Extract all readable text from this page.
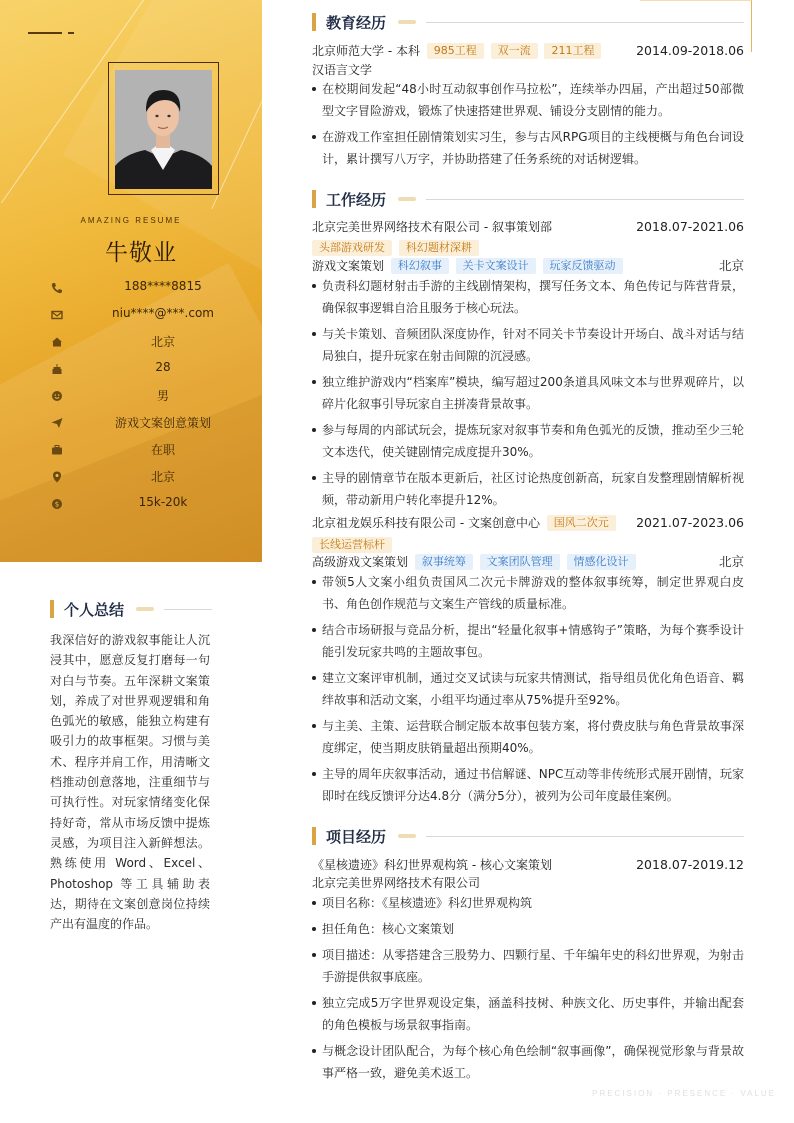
AMAZING RESUME
牛敬业
188****8815
niu****@***.com
北京
28
男
游戏文案创意策划
在职
北京
$	15k-20k
个人总结
我深信好的游戏叙事能让人沉浸其中，愿意反复打磨每一句对白与节奏。五年深耕文案策划，养成了对世界观逻辑和角色弧光的敏感，能独立构建有吸引力的故事框架。习惯与美术、程序并肩工作，用清晰文档推动创意落地，注重细节与可执行性。对玩家情绪变化保持好奇，常从市场反馈中提炼灵感，为项目注入新鲜想法。熟练使用 Word、Excel、Photoshop 等工具辅助表达，期待在文案创意岗位持续产出有温度的作品。
教育经历
北京师范大学 - 本科 985工程 双一流 211工程	2014.09-2018.06
汉语言文学
在校期间发起“48小时互动叙事创作马拉松”，连续举办四届，产出超过50部微型文字冒险游戏，锻炼了快速搭建世界观、铺设分支剧情的能力。
在游戏工作室担任剧情策划实习生，参与古风RPG项目的主线梗概与角色台词设计，累计撰写八万字，并协助搭建了任务系统的对话树逻辑。
工作经历
北京完美世界网络技术有限公司 - 叙事策划部	2018.07-2021.06
头部游戏研发 科幻题材深耕
游戏文案策划 科幻叙事 关卡文案设计 玩家反馈驱动	北京
负责科幻题材射击手游的主线剧情架构，撰写任务文本、角色传记与阵营背景，确保叙事逻辑自洽且服务于核心玩法。
与关卡策划、音频团队深度协作，针对不同关卡节奏设计开场白、战斗对话与结局独白，提升玩家在射击间隙的沉浸感。
独立维护游戏内“档案库”模块，编写超过200条道具风味文本与世界观碎片，以碎片化叙事引导玩家自主拼凑背景故事。
参与每周的内部试玩会，提炼玩家对叙事节奏和角色弧光的反馈，推动至少三轮文本迭代，使关键剧情完成度提升30%。
主导的剧情章节在版本更新后，社区讨论热度创新高，玩家自发整理剧情解析视频，带动新用户转化率提升12%。
北京祖龙娱乐科技有限公司 - 文案创意中心 国风二次元 2021.07-2023.06
长线运营标杆
高级游戏文案策划 叙事统筹 文案团队管理 情感化设计	北京
带领5人文案小组负责国风二次元卡牌游戏的整体叙事统筹，制定世界观白皮书、角色创作规范与文案生产管线的质量标准。
结合市场研报与竞品分析，提出“轻量化叙事+情感钩子”策略，为每个赛季设计能引发玩家共鸣的主题故事包。
建立文案评审机制，通过交叉试读与玩家共情测试，指导组员优化角色语音、羁绊故事和活动文案，小组平均通过率从75%提升至92%。
与主美、主策、运营联合制定版本故事包装方案，将付费皮肤与角色背景故事深度绑定，使当期皮肤销量超出预期40%。
主导的周年庆叙事活动，通过书信解谜、NPC互动等非传统形式展开剧情，玩家即时在线反馈评分达4.8分（满分5分），被列为公司年度最佳案例。
项目经历
《星核遗迹》科幻世界观构筑 - 核心文案策划	2018.07-2019.12
北京完美世界网络技术有限公司
项目名称：《星核遗迹》科幻世界观构筑
担任角色：核心文案策划
项目描述：从零搭建含三股势力、四颗行星、千年编年史的科幻世界观，为射击手游提供叙事底座。
独立完成5万字世界观设定集，涵盖科技树、种族文化、历史事件，并输出配套的角色模板与场景叙事指南。
与概念设计团队配合，为每个核心角色绘制“叙事画像”，确保视觉形象与背景故事严格一致，避免美术返工。
PRECISION · PRESENCE · VALUE
